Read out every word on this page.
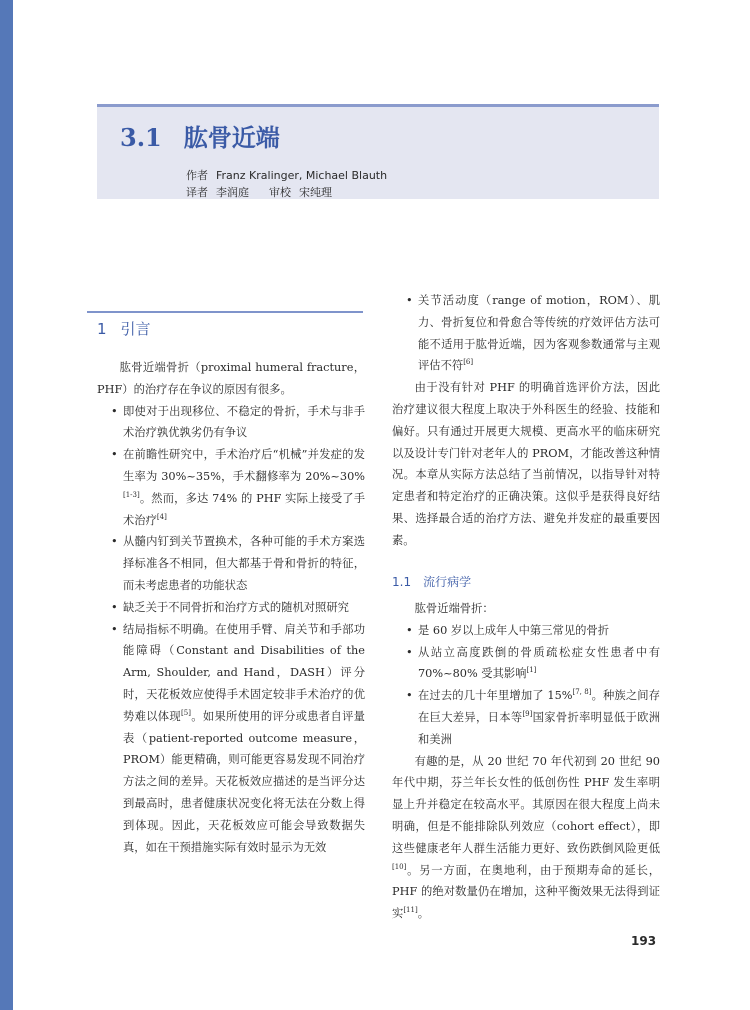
3.1 肱骨近端
作者 Franz Kralinger, Michael Blauth
译者 李润庭 审校 宋纯理
1 引言

肱骨近端骨折（proximal humeral fracture，PHF）的治疗存在争议的原因有很多。

• 即使对于出现移位、不稳定的骨折，手术与非手术治疗孰优孰劣仍有争议
• 在前瞻性研究中，手术治疗后“机械”并发症的发生率为 30%~35%，手术翻修率为 20%~30%[1-3]。然而，多达 74% 的 PHF 实际上接受了手术治疗[4]
• 从髓内钉到关节置换术，各种可能的手术方案选择标准各不相同，但大都基于骨和骨折的特征，而未考虑患者的功能状态
• 缺乏关于不同骨折和治疗方式的随机对照研究
• 结局指标不明确。在使用手臂、肩关节和手部功能障碍（Constant and Disabilities of the Arm, Shoulder, and Hand，DASH）评分时，天花板效应使得手术固定较非手术治疗的优势难以体现[5]。如果所使用的评分或患者自评量表（patient-reported outcome measure，PROM）能更精确，则可能更容易发现不同治疗方法之间的差异。天花板效应描述的是当评分达到最高时，患者健康状况变化将无法在分数上得到体现。因此，天花板效应可能会导致数据失真，如在干预措施实际有效时显示为无效
• 关节活动度（range of motion，ROM）、肌力、骨折复位和骨愈合等传统的疗效评估方法可能不适用于肱骨近端，因为客观参数通常与主观评估不符[6]

由于没有针对 PHF 的明确首选评价方法，因此治疗建议很大程度上取决于外科医生的经验、技能和偏好。只有通过开展更大规模、更高水平的临床研究以及设计专门针对老年人的 PROM，才能改善这种情况。本章从实际方法总结了当前情况，以指导针对特定患者和特定治疗的正确决策。这似乎是获得良好结果、选择最合适的治疗方法、避免并发症的最重要因素。

1.1 流行病学

肱骨近端骨折：

• 是 60 岁以上成年人中第三常见的骨折
• 从站立高度跌倒的骨质疏松症女性患者中有 70%~80% 受其影响[1]
• 在过去的几十年里增加了 15%[7, 8]。种族之间存在巨大差异，日本等[9]国家骨折率明显低于欧洲和美洲

有趣的是，从 20 世纪 70 年代初到 20 世纪 90 年代中期，芬兰年长女性的低创伤性 PHF 发生率明显上升并稳定在较高水平。其原因在很大程度上尚未明确，但是不能排除队列效应（cohort effect），即这些健康老年人群生活能力更好、致伤跌倒风险更低[10]。另一方面，在奥地利，由于预期寿命的延长，PHF 的绝对数量仍在增加，这种平衡效果无法得到证实[11]。

193
